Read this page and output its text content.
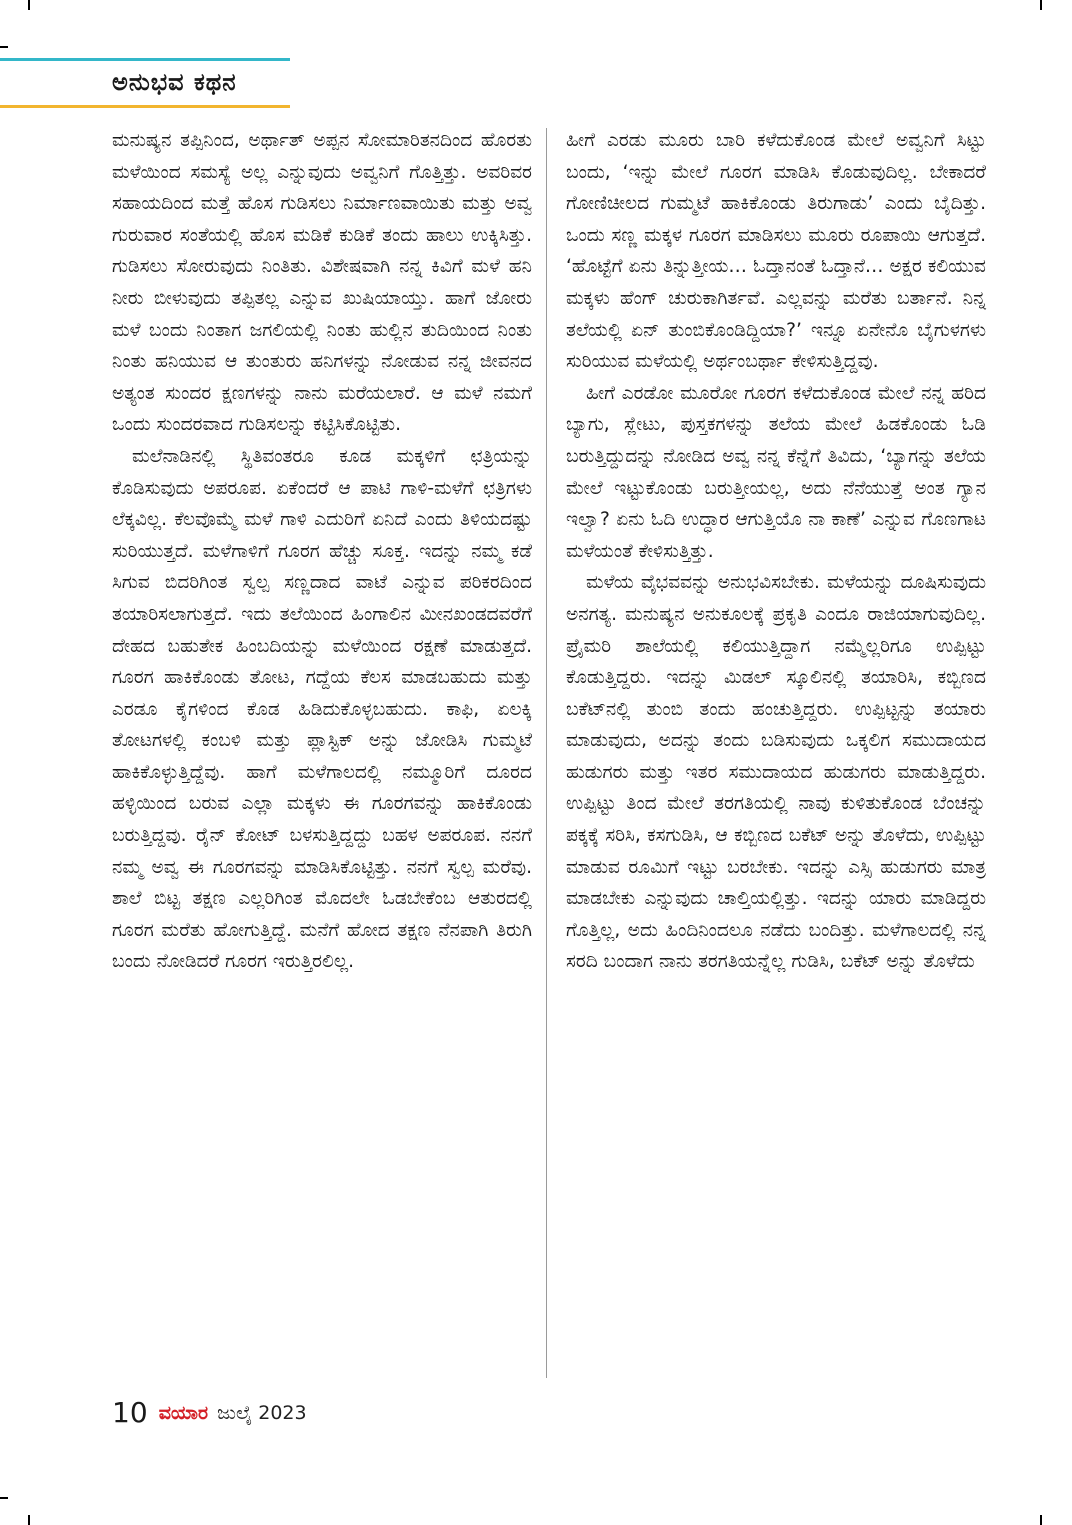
ಅನುಭವ ಕಥನ

ಮನುಷ್ಯನ ತಪ್ಪಿನಿಂದ, ಅರ್ಥಾತ್ ಅಪ್ಪನ ಸೋಮಾರಿತನದಿಂದ ಹೊರತು ಮಳೆಯಿಂದ ಸಮಸ್ಯೆ ಅಲ್ಲ ಎನ್ನುವುದು ಅವ್ವನಿಗೆ ಗೊತ್ತಿತ್ತು. ಅವರಿವರ ಸಹಾಯದಿಂದ ಮತ್ತೆ ಹೊಸ ಗುಡಿಸಲು ನಿರ್ಮಾಣವಾಯಿತು ಮತ್ತು ಅವ್ವ ಗುರುವಾರ ಸಂತೆಯಲ್ಲಿ ಹೊಸ ಮಡಿಕೆ ಕುಡಿಕೆ ತಂದು ಹಾಲು ಉಕ್ಕಿಸಿತ್ತು. ಗುಡಿಸಲು ಸೋರುವುದು ನಿಂತಿತು. ವಿಶೇಷವಾಗಿ ನನ್ನ ಕಿವಿಗೆ ಮಳೆ ಹನಿ ನೀರು ಬೀಳುವುದು ತಪ್ಪಿತಲ್ಲ ಎನ್ನುವ ಖುಷಿಯಾಯ್ತು. ಹಾಗೆ ಜೋರು ಮಳೆ ಬಂದು ನಿಂತಾಗ ಜಗಲಿಯಲ್ಲಿ ನಿಂತು ಹುಲ್ಲಿನ ತುದಿಯಿಂದ ನಿಂತು ನಿಂತು ಹನಿಯುವ ಆ ತುಂತುರು ಹನಿಗಳನ್ನು ನೋಡುವ ನನ್ನ ಜೀವನದ ಅತ್ಯಂತ ಸುಂದರ ಕ್ಷಣಗಳನ್ನು ನಾನು ಮರೆಯಲಾರೆ. ಆ ಮಳೆ ನಮಗೆ ಒಂದು ಸುಂದರವಾದ ಗುಡಿಸಲನ್ನು ಕಟ್ಟಿಸಿಕೊಟ್ಟಿತು.

ಮಲೆನಾಡಿನಲ್ಲಿ ಸ್ಥಿತಿವಂತರೂ ಕೂಡ ಮಕ್ಕಳಿಗೆ ಛತ್ರಿಯನ್ನು ಕೊಡಿಸುವುದು ಅಪರೂಪ. ಏಕೆಂದರೆ ಆ ಪಾಟಿ ಗಾಳಿ-ಮಳೆಗೆ ಛತ್ರಿಗಳು ಲೆಕ್ಕವಿಲ್ಲ. ಕೆಲವೊಮ್ಮೆ ಮಳೆ ಗಾಳಿ ಎದುರಿಗೆ ಏನಿದೆ ಎಂದು ತಿಳಿಯದಷ್ಟು ಸುರಿಯುತ್ತದೆ. ಮಳೆಗಾಳಿಗೆ ಗೂರಗ ಹೆಚ್ಚು ಸೂಕ್ತ. ಇದನ್ನು ನಮ್ಮ ಕಡೆ ಸಿಗುವ ಬಿದರಿಗಿಂತ ಸ್ವಲ್ಪ ಸಣ್ಣದಾದ ವಾಟೆ ಎನ್ನುವ ಪರಿಕರದಿಂದ ತಯಾರಿಸಲಾಗುತ್ತದೆ. ಇದು ತಲೆಯಿಂದ ಹಿಂಗಾಲಿನ ಮೀನಖಂಡದವರೆಗೆ ದೇಹದ ಬಹುತೇಕ ಹಿಂಬದಿಯನ್ನು ಮಳೆಯಿಂದ ರಕ್ಷಣೆ ಮಾಡುತ್ತದೆ. ಗೂರಗ ಹಾಕಿಕೊಂಡು ತೋಟ, ಗದ್ದೆಯ ಕೆಲಸ ಮಾಡಬಹುದು ಮತ್ತು ಎರಡೂ ಕೈಗಳಿಂದ ಕೊಡ ಹಿಡಿದುಕೊಳ್ಳಬಹುದು. ಕಾಫಿ, ಏಲಕ್ಕಿ ತೋಟಗಳಲ್ಲಿ ಕಂಬಳಿ ಮತ್ತು ಪ್ಲಾಸ್ಟಿಕ್ ಅನ್ನು ಜೋಡಿಸಿ ಗುಮ್ಮಟೆ ಹಾಕಿಕೊಳ್ಳುತ್ತಿದ್ದೆವು. ಹಾಗೆ ಮಳೆಗಾಲದಲ್ಲಿ ನಮ್ಮೂರಿಗೆ ದೂರದ ಹಳ್ಳಿಯಿಂದ ಬರುವ ಎಲ್ಲಾ ಮಕ್ಕಳು ಈ ಗೂರಗವನ್ನು ಹಾಕಿಕೊಂಡು ಬರುತ್ತಿದ್ದವು. ರೈನ್ ಕೋಟ್ ಬಳಸುತ್ತಿದ್ದದ್ದು ಬಹಳ ಅಪರೂಪ. ನನಗೆ ನಮ್ಮ ಅವ್ವ ಈ ಗೂರಗವನ್ನು ಮಾಡಿಸಿಕೊಟ್ಟಿತ್ತು. ನನಗೆ ಸ್ವಲ್ಪ ಮರೆವು. ಶಾಲೆ ಬಿಟ್ಟ ತಕ್ಷಣ ಎಲ್ಲರಿಗಿಂತ ಮೊದಲೇ ಓಡಬೇಕೆಂಬ ಆತುರದಲ್ಲಿ ಗೂರಗ ಮರೆತು ಹೋಗುತ್ತಿದ್ದೆ. ಮನೆಗೆ ಹೋದ ತಕ್ಷಣ ನೆನಪಾಗಿ ತಿರುಗಿ ಬಂದು ನೋಡಿದರೆ ಗೂರಗ ಇರುತ್ತಿರಲಿಲ್ಲ.

ಹೀಗೆ ಎರಡು ಮೂರು ಬಾರಿ ಕಳೆದುಕೊಂಡ ಮೇಲೆ ಅವ್ವನಿಗೆ ಸಿಟ್ಟು ಬಂದು, ‘ಇನ್ನು ಮೇಲೆ ಗೂರಗ ಮಾಡಿಸಿ ಕೊಡುವುದಿಲ್ಲ. ಬೇಕಾದರೆ ಗೋಣಿಚೀಲದ ಗುಮ್ಮಟೆ ಹಾಕಿಕೊಂಡು ತಿರುಗಾಡು’ ಎಂದು ಬೈದಿತ್ತು. ಒಂದು ಸಣ್ಣ ಮಕ್ಕಳ ಗೂರಗ ಮಾಡಿಸಲು ಮೂರು ರೂಪಾಯಿ ಆಗುತ್ತದೆ. ‘ಹೊಟ್ಟೆಗೆ ಏನು ತಿನ್ನುತ್ತೀಯ… ಓದ್ತಾನಂತೆ ಓದ್ತಾನೆ… ಅಕ್ಷರ ಕಲಿಯುವ ಮಕ್ಕಳು ಹೆಂಗ್ ಚುರುಕಾಗಿರ್ತವೆ. ಎಲ್ಲವನ್ನು ಮರೆತು ಬರ್ತಾನೆ. ನಿನ್ನ ತಲೆಯಲ್ಲಿ ಏನ್ ತುಂಬಿಕೊಂಡಿದ್ದಿಯಾ?’ ಇನ್ನೂ ಏನೇನೊ ಬೈಗುಳಗಳು ಸುರಿಯುವ ಮಳೆಯಲ್ಲಿ ಅರ್ಥಂಬರ್ಥಾ ಕೇಳಿಸುತ್ತಿದ್ದವು.

ಹೀಗೆ ಎರಡೋ ಮೂರೋ ಗೂರಗ ಕಳೆದುಕೊಂಡ ಮೇಲೆ ನನ್ನ ಹರಿದ ಬ್ಯಾಗು, ಸ್ಲೇಟು, ಪುಸ್ತಕಗಳನ್ನು ತಲೆಯ ಮೇಲೆ ಹಿಡಕೊಂಡು ಓಡಿ ಬರುತ್ತಿದ್ದುದನ್ನು ನೋಡಿದ ಅವ್ವ ನನ್ನ ಕೆನ್ನೆಗೆ ತಿವಿದು, ‘ಬ್ಯಾಗನ್ನು ತಲೆಯ ಮೇಲೆ ಇಟ್ಟುಕೊಂಡು ಬರುತ್ತೀಯಲ್ಲ, ಅದು ನೆನೆಯುತ್ತೆ ಅಂತ ಗ್ಯಾನ ಇಲ್ವಾ? ಏನು ಓದಿ ಉದ್ಧಾರ ಆಗುತ್ತಿಯೊ ನಾ ಕಾಣೆ’ ಎನ್ನುವ ಗೊಣಗಾಟ ಮಳೆಯಂತೆ ಕೇಳಿಸುತ್ತಿತ್ತು.

ಮಳೆಯ ವೈಭವವನ್ನು ಅನುಭವಿಸಬೇಕು. ಮಳೆಯನ್ನು ದೂಷಿಸುವುದು ಅನಗತ್ಯ. ಮನುಷ್ಯನ ಅನುಕೂಲಕ್ಕೆ ಪ್ರಕೃತಿ ಎಂದೂ ರಾಜಿಯಾಗುವುದಿಲ್ಲ. ಪ್ರೈಮರಿ ಶಾಲೆಯಲ್ಲಿ ಕಲಿಯುತ್ತಿದ್ದಾಗ ನಮ್ಮೆಲ್ಲರಿಗೂ ಉಪ್ಪಿಟ್ಟು ಕೊಡುತ್ತಿದ್ದರು. ಇದನ್ನು ಮಿಡಲ್ ಸ್ಕೂಲಿನಲ್ಲಿ ತಯಾರಿಸಿ, ಕಬ್ಬಿಣದ ಬಕೆಟ್‌ನಲ್ಲಿ ತುಂಬಿ ತಂದು ಹಂಚುತ್ತಿದ್ದರು. ಉಪ್ಪಿಟ್ಟನ್ನು ತಯಾರು ಮಾಡುವುದು, ಅದನ್ನು ತಂದು ಬಡಿಸುವುದು ಒಕ್ಕಲಿಗ ಸಮುದಾಯದ ಹುಡುಗರು ಮತ್ತು ಇತರ ಸಮುದಾಯದ ಹುಡುಗರು ಮಾಡುತ್ತಿದ್ದರು. ಉಪ್ಪಿಟ್ಟು ತಿಂದ ಮೇಲೆ ತರಗತಿಯಲ್ಲಿ ನಾವು ಕುಳಿತುಕೊಂಡ ಬೆಂಚನ್ನು ಪಕ್ಕಕ್ಕೆ ಸರಿಸಿ, ಕಸಗುಡಿಸಿ, ಆ ಕಬ್ಬಿಣದ ಬಕೆಟ್ ಅನ್ನು ತೊಳೆದು, ಉಪ್ಪಿಟ್ಟು ಮಾಡುವ ರೂಮಿಗೆ ಇಟ್ಟು ಬರಬೇಕು. ಇದನ್ನು ಎಸ್ಸಿ ಹುಡುಗರು ಮಾತ್ರ ಮಾಡಬೇಕು ಎನ್ನುವುದು ಚಾಲ್ತಿಯಲ್ಲಿತ್ತು. ಇದನ್ನು ಯಾರು ಮಾಡಿದ್ದರು ಗೊತ್ತಿಲ್ಲ, ಅದು ಹಿಂದಿನಿಂದಲೂ ನಡೆದು ಬಂದಿತ್ತು. ಮಳೆಗಾಲದಲ್ಲಿ ನನ್ನ ಸರದಿ ಬಂದಾಗ ನಾನು ತರಗತಿಯನ್ನೆಲ್ಲ ಗುಡಿಸಿ, ಬಕೆಟ್ ಅನ್ನು ತೊಳೆದು

10 ವಯಾರ ಜುಲೈ 2023
